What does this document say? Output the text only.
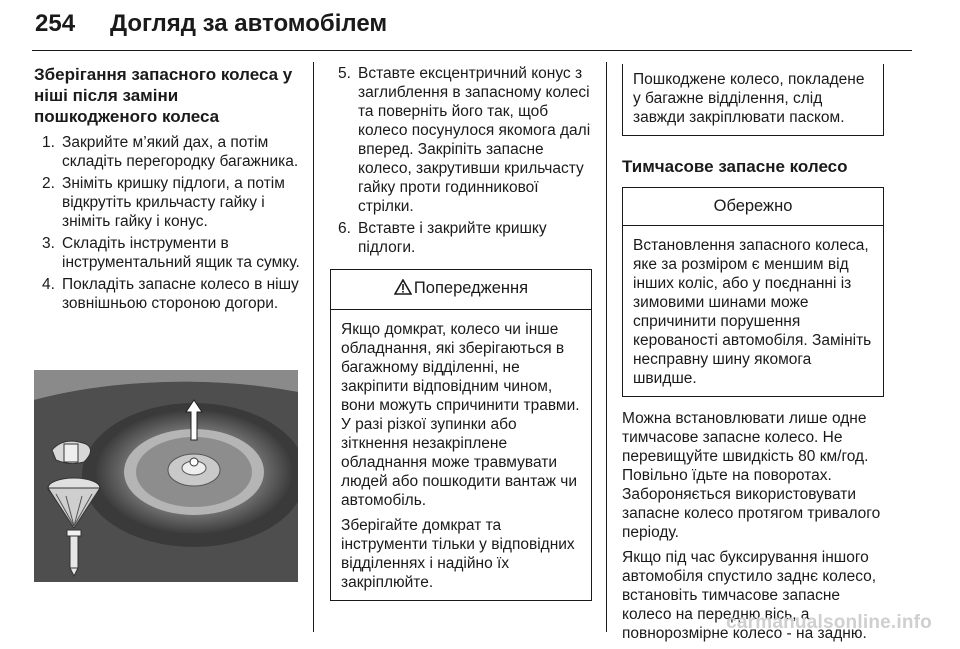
254 Догляд за автомобілем
Зберігання запасного колеса у ніші після заміни пошкодженого колеса
1. Закрийте м’який дах, а потім складіть перегородку багажника.
2. Зніміть кришку підлоги, а потім відкрутіть крильчасту гайку і зніміть гайку і конус.
3. Складіть інструменти в інструментальний ящик та сумку.
4. Покладіть запасне колесо в нішу зовнішньою стороною догори.
5. Вставте ексцентричний конус з заглиблення в запасному колесі та поверніть його так, щоб колесо посунулося якомога далі вперед. Закріпіть запасне колесо, закрутивши крильчасту гайку проти годинникової стрілки.
6. Вставте і закрийте кришку підлоги.
Попередження

Якщо домкрат, колесо чи інше обладнання, які зберігаються в багажному відділенні, не закріпити відповідним чином, вони можуть спричинити травми. У разі різкої зупинки або зіткнення незакріплене обладнання може травмувати людей або пошкодити вантаж чи автомобіль.

Зберігайте домкрат та інструменти тільки у відповідних відділеннях і надійно їх закріплюйте.

Пошкоджене колесо, покладене у багажне відділення, слід завжди закріплювати паском.
Тимчасове запасне колесо
Обережно

Встановлення запасного колеса, яке за розміром є меншим від інших коліс, або у поєднанні із зимовими шинами може спричинити порушення керованості автомобіля. Замініть несправну шину якомога швидше.

Можна встановлювати лише одне тимчасове запасне колесо. Не перевищуйте швидкість 80 км/год. Повільно їдьте на поворотах. Забороняється використовувати запасне колесо протягом тривалого періоду.

Якщо під час буксирування іншого автомобіля спустило заднє колесо, встановіть тимчасове запасне колесо на передню вісь, а повнорозмірне колесо - на задню.

carmanualsonline.info
